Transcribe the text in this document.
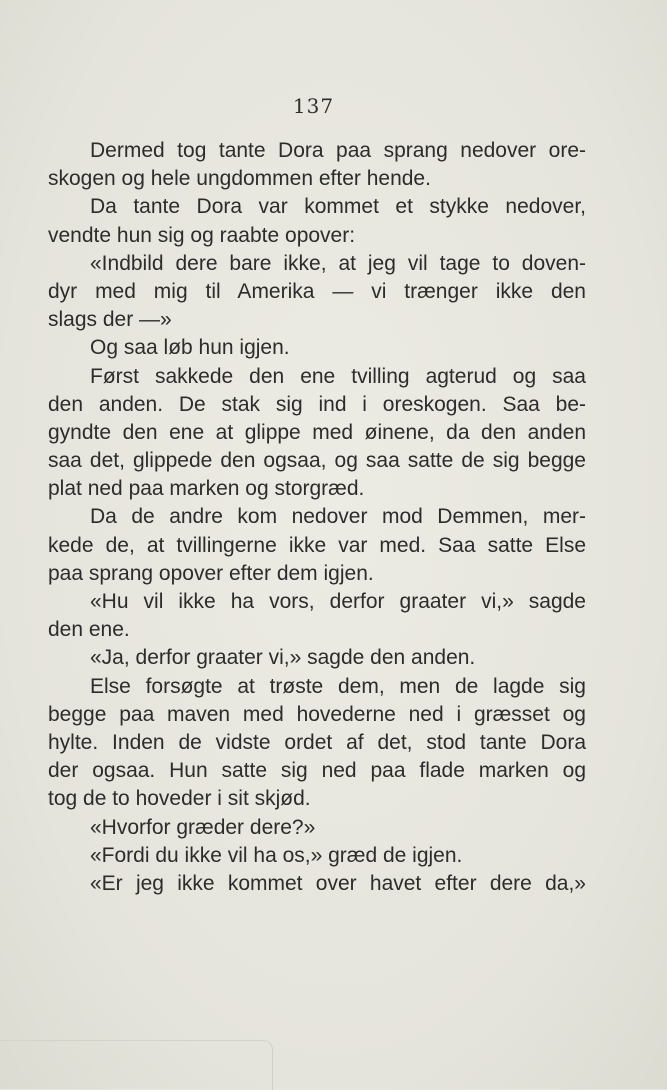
137
Dermed tog tante Dora paa sprang nedover ore-
skogen og hele ungdommen efter hende.
Da tante Dora var kommet et stykke nedover,
vendte hun sig og raabte opover:
«Indbild dere bare ikke, at jeg vil tage to doven-
dyr med mig til Amerika — vi trænger ikke den
slags der —»
Og saa løb hun igjen.
Først sakkede den ene tvilling agterud og saa
den anden. De stak sig ind i oreskogen. Saa be-
gyndte den ene at glippe med øinene, da den anden
saa det, glippede den ogsaa, og saa satte de sig begge
plat ned paa marken og storgræd.
Da de andre kom nedover mod Demmen, mer-
kede de, at tvillingerne ikke var med. Saa satte Else
paa sprang opover efter dem igjen.
«Hu vil ikke ha vors, derfor graater vi,» sagde
den ene.
«Ja, derfor graater vi,» sagde den anden.
Else forsøgte at trøste dem, men de lagde sig
begge paa maven med hovederne ned i græsset og
hylte. Inden de vidste ordet af det, stod tante Dora
der ogsaa. Hun satte sig ned paa flade marken og
tog de to hoveder i sit skjød.
«Hvorfor græder dere?»
«Fordi du ikke vil ha os,» græd de igjen.
«Er jeg ikke kommet over havet efter dere da,»
